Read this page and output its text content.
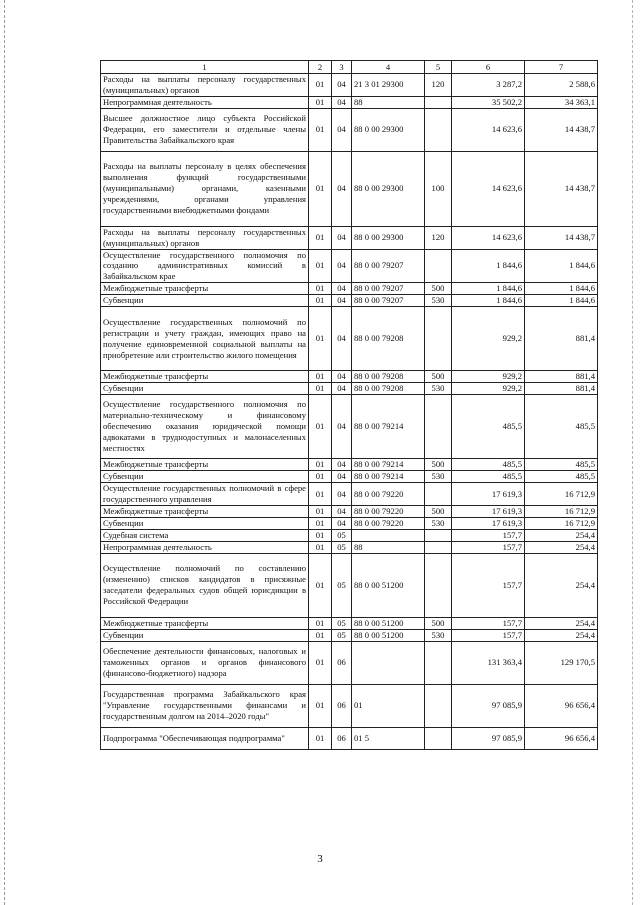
1	2	3	4	5	6	7
Расходы на выплаты персоналу государственных (муниципальных) органов	01	04	21 3 01 29300	120	3 287,2	2 588,6
Непрограммная деятельность	01	04	88		35 502,2	34 363,1
Высшее должностное лицо субъекта Российской Федерации, его заместители и отдельные члены Правительства Забайкальского края	01	04	88 0 00 29300		14 623,6	14 438,7
Расходы на выплаты персоналу в целях обеспечения выполнения функций государственными (муниципальными) органами, казенными учреждениями, органами управления государственными внебюджетными фондами	01	04	88 0 00 29300	100	14 623,6	14 438,7
Расходы на выплаты персоналу государственных (муниципальных) органов	01	04	88 0 00 29300	120	14 623,6	14 438,7
Осуществление государственного полномочия по созданию административных комиссий в Забайкальском крае	01	04	88 0 00 79207		1 844,6	1 844,6
Межбюджетные трансферты	01	04	88 0 00 79207	500	1 844,6	1 844,6
Субвенции	01	04	88 0 00 79207	530	1 844,6	1 844,6
Осуществление государственных полномочий по регистрации и учету граждан, имеющих право на получение единовременной социальной выплаты на приобретение или строительство жилого помещения	01	04	88 0 00 79208		929,2	881,4
Межбюджетные трансферты	01	04	88 0 00 79208	500	929,2	881,4
Субвенции	01	04	88 0 00 79208	530	929,2	881,4
Осуществление государственного полномочия по материально-техническому и финансовому обеспечению оказания юридической помощи адвокатами в труднодоступных и малонаселенных местностях	01	04	88 0 00 79214		485,5	485,5
Межбюджетные трансферты	01	04	88 0 00 79214	500	485,5	485,5
Субвенции	01	04	88 0 00 79214	530	485,5	485,5
Осуществление государственных полномочий в сфере государственного управления	01	04	88 0 00 79220		17 619,3	16 712,9
Межбюджетные трансферты	01	04	88 0 00 79220	500	17 619,3	16 712,9
Субвенции	01	04	88 0 00 79220	530	17 619,3	16 712,9
Судебная система	01	05			157,7	254,4
Непрограммная деятельность	01	05	88		157,7	254,4
Осуществление полномочий по составлению (изменению) списков кандидатов в присяжные заседатели федеральных судов общей юрисдикции в Российской Федерации	01	05	88 0 00 51200		157,7	254,4
Межбюджетные трансферты	01	05	88 0 00 51200	500	157,7	254,4
Субвенции	01	05	88 0 00 51200	530	157,7	254,4
Обеспечение деятельности финансовых, налоговых и таможенных органов и органов финансового (финансово-бюджетного) надзора	01	06			131 363,4	129 170,5
Государственная программа Забайкальского края "Управление государственными финансами и государственным долгом на 2014–2020 годы"	01	06	01		97 085,9	96 656,4
Подпрограмма "Обеспечивающая подпрограмма"	01	06	01 5		97 085,9	96 656,4
3
